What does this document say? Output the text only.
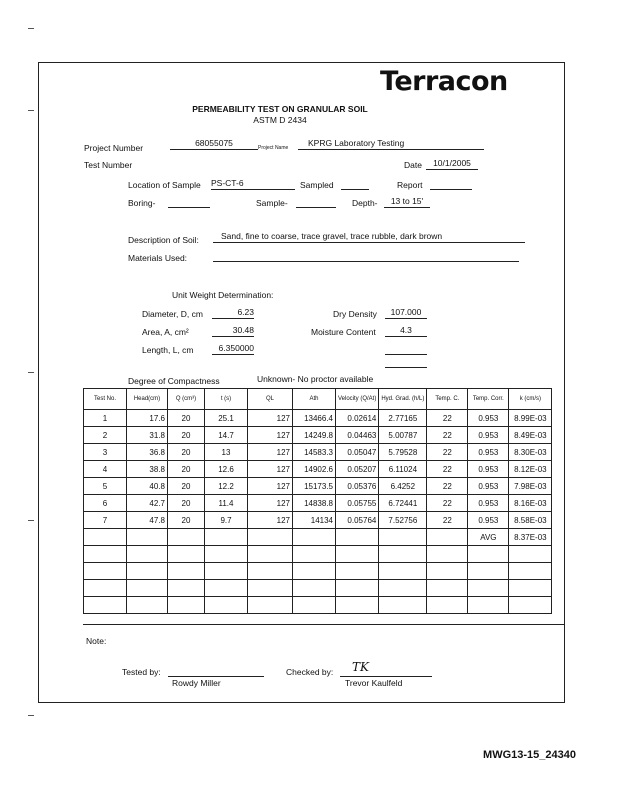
Terracon
PERMEABILITY TEST ON GRANULAR SOIL
ASTM D 2434
Project Number	68055075	Project Name	KPRG Laboratory Testing
Test Number	Date	10/1/2005
Location of Sample PS-CT-6	Sampled	Report
Boring-	Sample-	Depth-	13 to 15'
Description of Soil:	Sand, fine to coarse, trace gravel, trace rubble, dark brown
Materials Used:
Unit Weight Determination:
Diameter, D, cm	6.23
Area, A, cm²	30.48
Length, L, cm	6.350000
Dry Density	107.000
Moisture Content	4.3
Degree of Compactness	Unknown- No proctor available
Test No.	Head(cm)	Q (cm³)	t (s)	QL	Ath	Velocity (Q/At)	Hyd. Grad. (h/L)	Temp. C.	Temp. Corr.	k (cm/s)
1	17.6	20	25.1	127	13466.4	0.02614	2.77165	22	0.953	8.99E-03
2	31.8	20	14.7	127	14249.8	0.04463	5.00787	22	0.953	8.49E-03
3	36.8	20	13	127	14583.3	0.05047	5.79528	22	0.953	8.30E-03
4	38.8	20	12.6	127	14902.6	0.05207	6.11024	22	0.953	8.12E-03
5	40.8	20	12.2	127	15173.5	0.05376	6.4252	22	0.953	7.98E-03
6	42.7	20	11.4	127	14838.8	0.05755	6.72441	22	0.953	8.16E-03
7	47.8	20	9.7	127	14134	0.05764	7.52756	22	0.953	8.58E-03
									AVG	8.37E-03

Note:
Tested by:
Rowdy Miller
Checked by: TK
Trevor Kaulfeld
MWG13-15_24340
